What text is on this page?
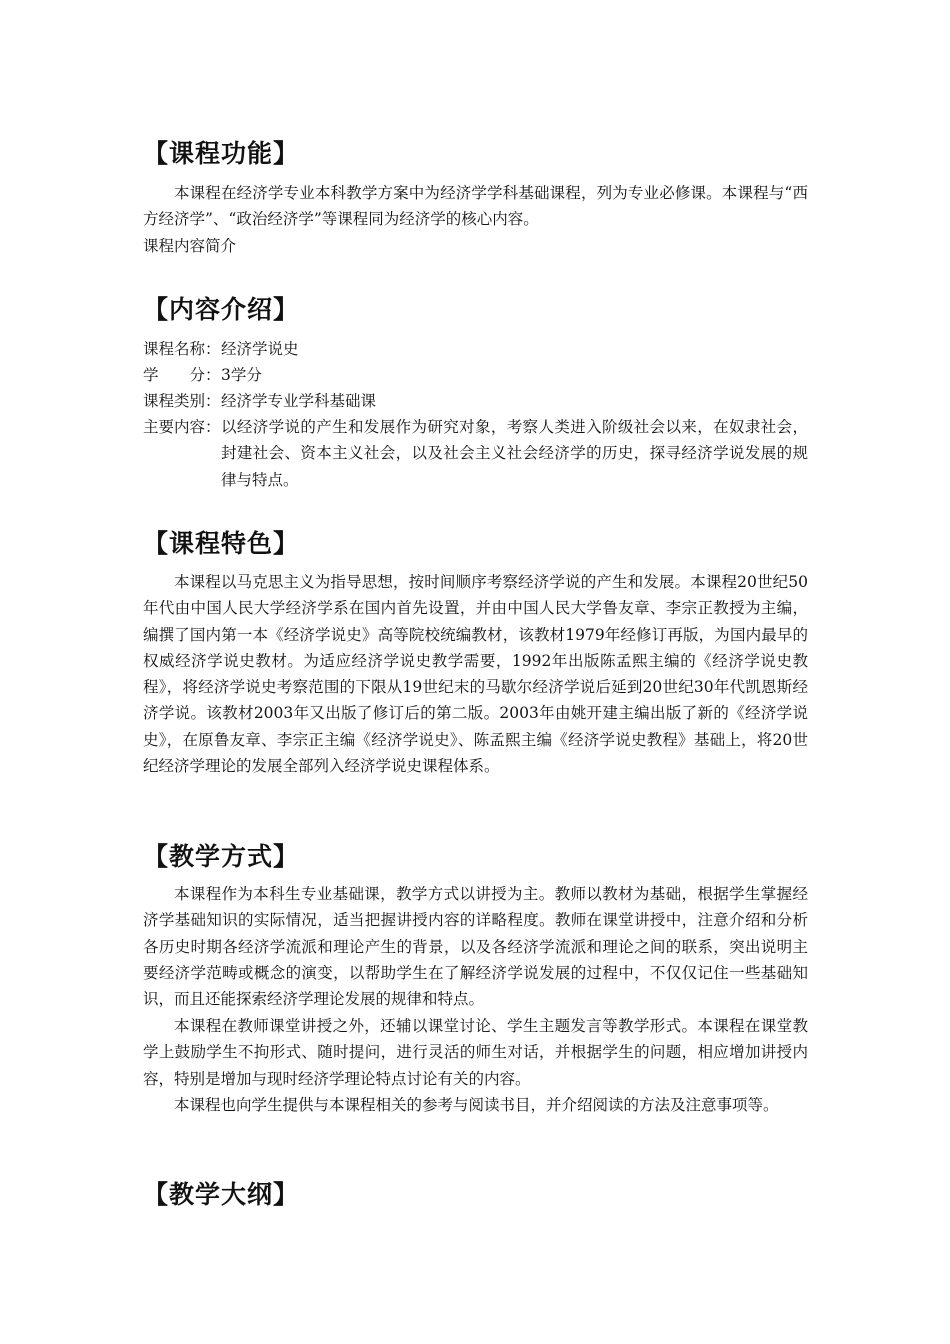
【课程功能】
本课程在经济学专业本科教学方案中为经济学学科基础课程，列为专业必修课。本课程与“西方经济学”、“政治经济学”等课程同为经济学的核心内容。
课程内容简介
【内容介绍】
课程名称： 经济学说史
学　　分： 3学分
课程类别： 经济学专业学科基础课
主要内容： 以经济学说的产生和发展作为研究对象，考察人类进入阶级社会以来，在奴隶社会，封建社会、资本主义社会，以及社会主义社会经济学的历史，探寻经济学说发展的规律与特点。
【课程特色】
本课程以马克思主义为指导思想，按时间顺序考察经济学说的产生和发展。本课程20世纪50年代由中国人民大学经济学系在国内首先设置，并由中国人民大学鲁友章、李宗正教授为主编，编撰了国内第一本《经济学说史》高等院校统编教材，该教材1979年经修订再版，为国内最早的权威经济学说史教材。为适应经济学说史教学需要，1992年出版陈孟熙主编的《经济学说史教程》，将经济学说史考察范围的下限从19世纪末的马歇尔经济学说后延到20世纪30年代凯恩斯经济学说。该教材2003年又出版了修订后的第二版。2003年由姚开建主编出版了新的《经济学说史》，在原鲁友章、李宗正主编《经济学说史》、陈孟熙主编《经济学说史教程》基础上，将20世纪经济学理论的发展全部列入经济学说史课程体系。
【教学方式】
本课程作为本科生专业基础课，教学方式以讲授为主。教师以教材为基础，根据学生掌握经济学基础知识的实际情况，适当把握讲授内容的详略程度。教师在课堂讲授中，注意介绍和分析各历史时期各经济学流派和理论产生的背景，以及各经济学流派和理论之间的联系，突出说明主要经济学范畴或概念的演变，以帮助学生在了解经济学说发展的过程中，不仅仅记住一些基础知识，而且还能探索经济学理论发展的规律和特点。
本课程在教师课堂讲授之外，还辅以课堂讨论、学生主题发言等教学形式。本课程在课堂教学上鼓励学生不拘形式、随时提问，进行灵活的师生对话，并根据学生的问题，相应增加讲授内容，特别是增加与现时经济学理论特点讨论有关的内容。
本课程也向学生提供与本课程相关的参考与阅读书目，并介绍阅读的方法及注意事项等。
【教学大纲】
